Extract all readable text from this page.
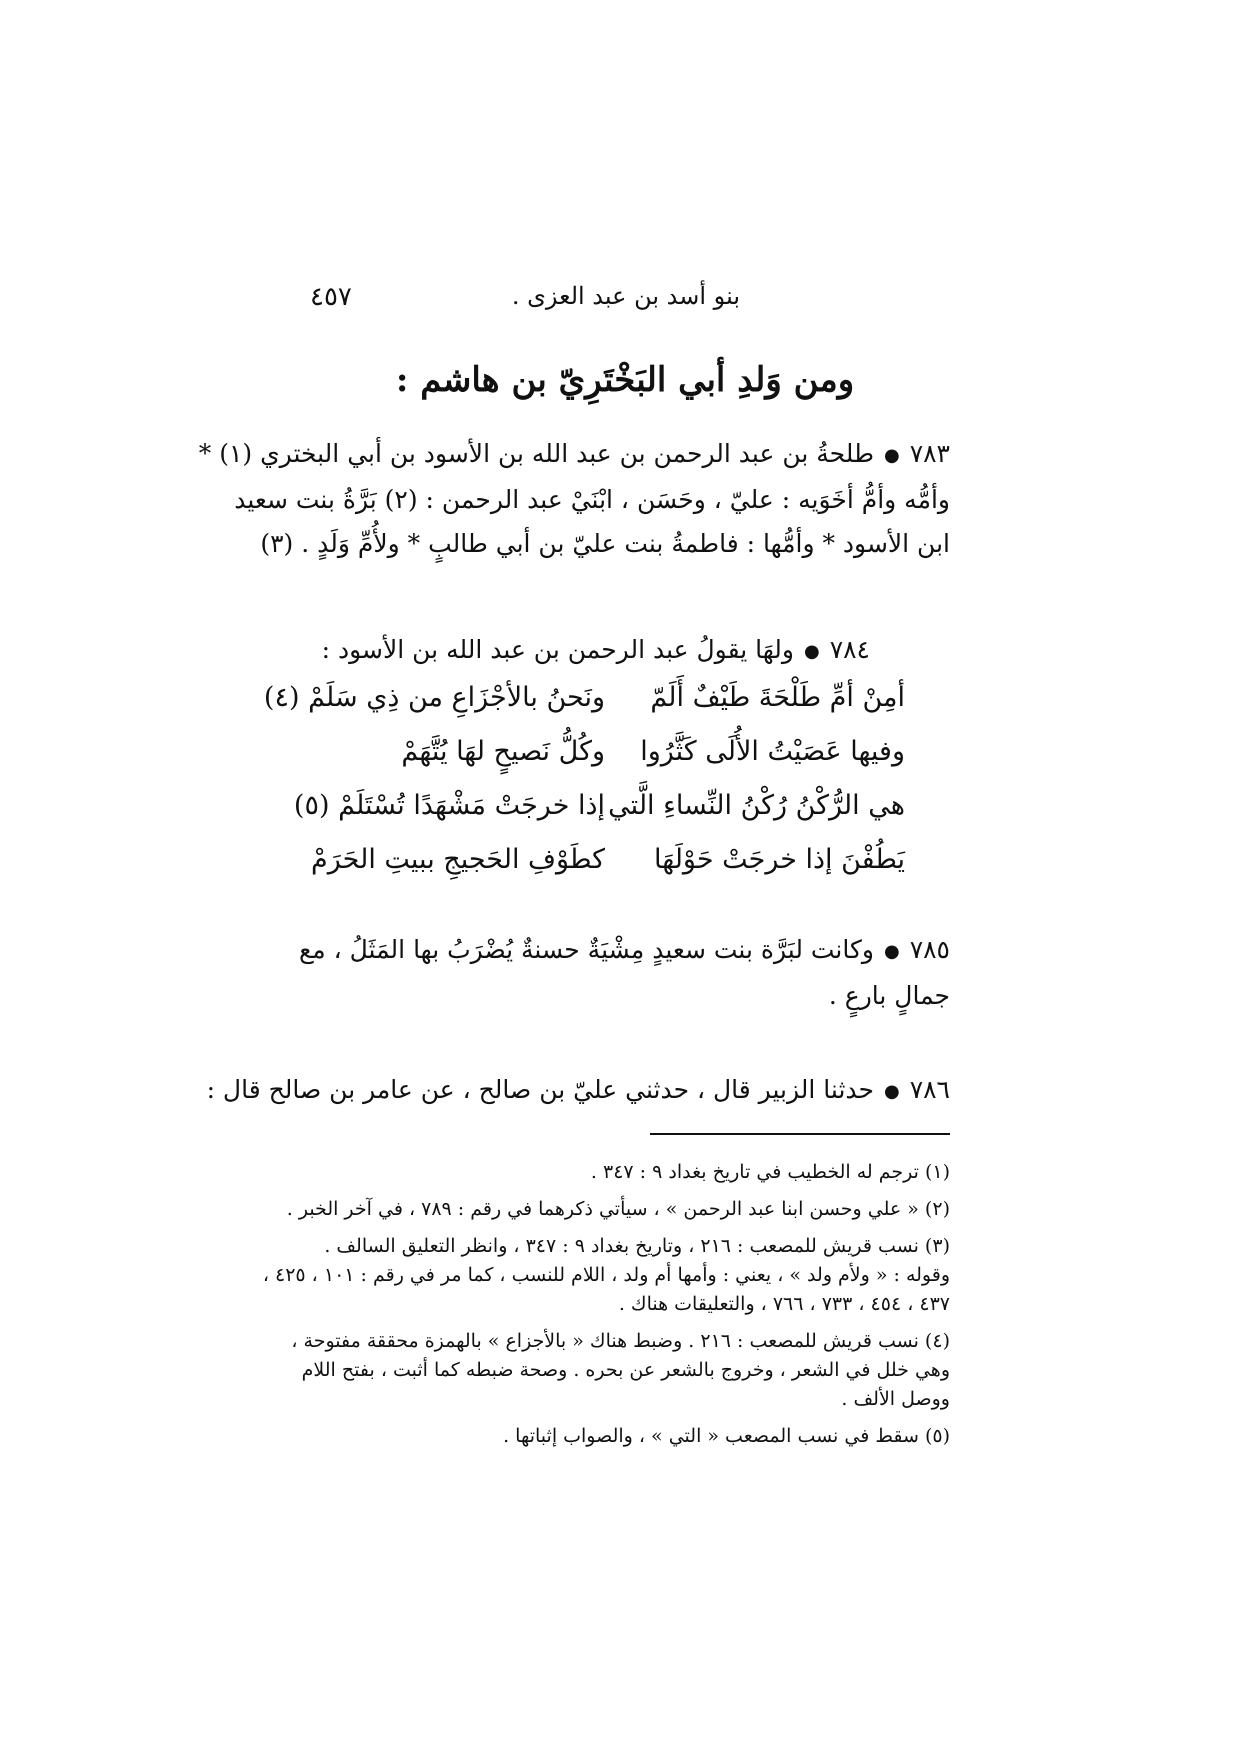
بنو أسد بن عبد العزى .
٤٥٧
ومن وَلدِ أبي البَخْتَرِيّ بن هاشم :
٧٨٣●طلحةُ بن عبد الرحمن بن عبد الله بن الأسود بن أبي البختري (١) *
وأمُّه وأمُّ أخَوَيه : عليّ ، وحَسَن ، ابْنَيْ عبد الرحمن : (٢) بَرَّةُ بنت سعيد
ابن الأسود * وأمُّها : فاطمةُ بنت عليّ بن أبي طالبٍ * ولأُمِّ وَلَدٍ . (٣)
٧٨٤●ولهَا يقولُ عبد الرحمن بن عبد الله بن الأسود :
أمِنْ أمِّ طَلْحَةَ طَيْفٌ أَلَمّ
ونَحنُ بالأجْزَاعِ من ذِي سَلَمْ (٤)
وفيها عَصَيْتُ الأُلَى كَثَّرُوا
وكُلُّ نَصيحٍ لهَا يُتَّهَمْ
هي الرُّكْنُ رُكْنُ النِّساءِ الَّتي
إذا خرجَتْ مَشْهَدًا تُسْتَلَمْ (٥)
يَطُفْنَ إذا خرجَتْ حَوْلَهَا
كطَوْفِ الحَجيجِ ببيتِ الحَرَمْ
٧٨٥●وكانت لبَرَّة بنت سعيدٍ مِشْيَةٌ حسنةٌ يُضْرَبُ بها المَثَلُ ، مع
جمالٍ بارعٍ .
٧٨٦●حدثنا الزبير قال ، حدثني عليّ بن صالح ، عن عامر بن صالح قال :
(١) ترجم له الخطيب في تاريخ بغداد ٩ : ٣٤٧ .
(٢) « علي وحسن ابنا عبد الرحمن » ، سيأتي ذكرهما في رقم : ٧٨٩ ، في آخر الخبر .
(٣) نسب قريش للمصعب : ٢١٦ ، وتاريخ بغداد ٩ : ٣٤٧ ، وانظر التعليق السالف .
وقوله : « ولأم ولد » ، يعني : وأمها أم ولد ، اللام للنسب ، كما مر في رقم : ١٠١ ، ٤٢٥ ،
٤٣٧ ، ٤٥٤ ، ٧٣٣ ، ٧٦٦ ، والتعليقات هناك .
(٤) نسب قريش للمصعب : ٢١٦ . وضبط هناك « بالأجزاع » بالهمزة محققة مفتوحة ،
وهي خلل في الشعر ، وخروج بالشعر عن بحره . وصحة ضبطه كما أثبت ، بفتح اللام
ووصل الألف .
(٥) سقط في نسب المصعب « التي » ، والصواب إثباتها .
